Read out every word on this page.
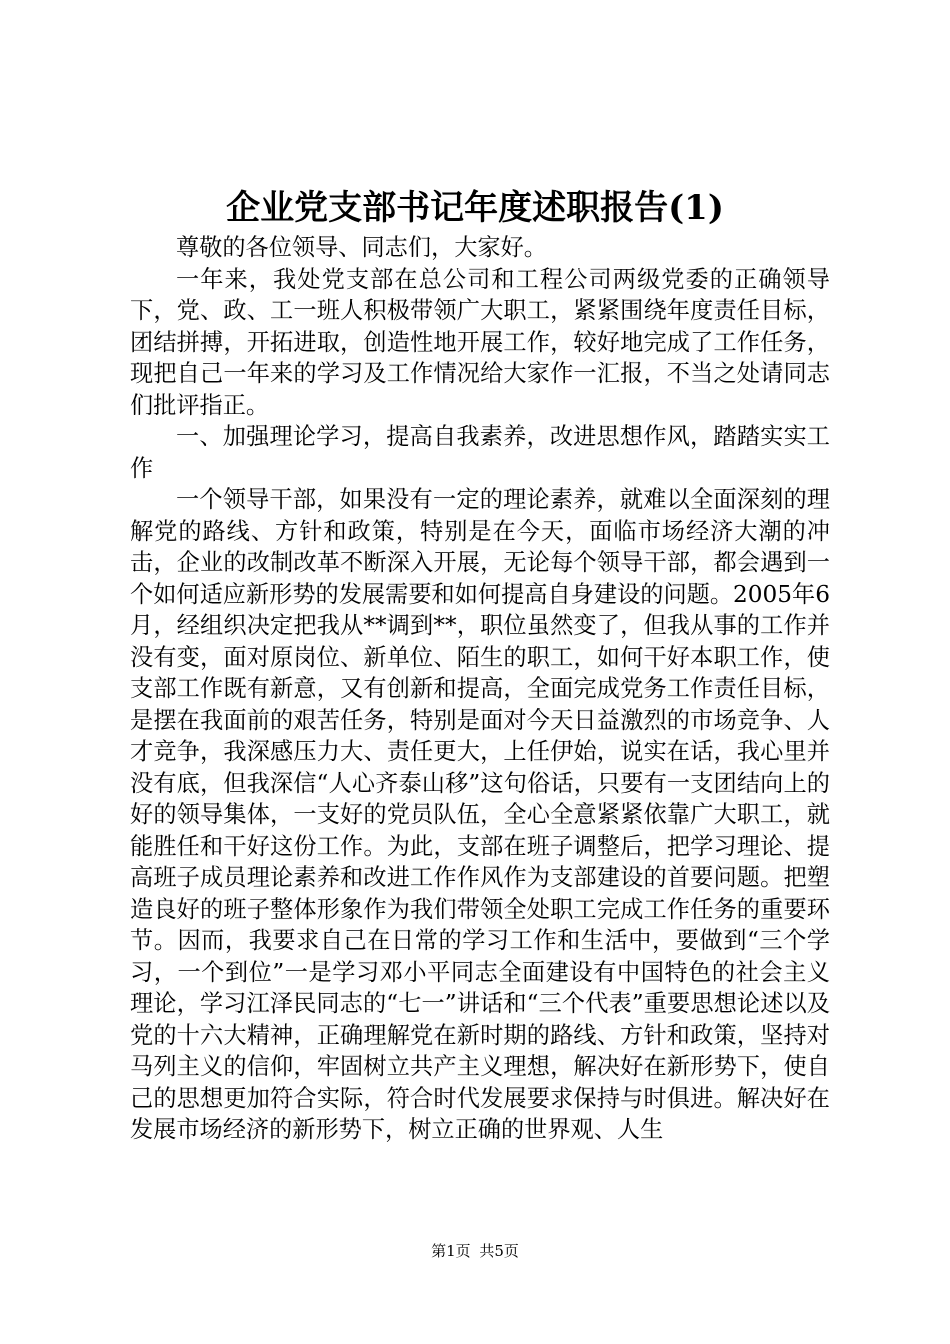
企业党支部书记年度述职报告(1)

尊敬的各位领导、同志们，大家好。

一年来，我处党支部在总公司和工程公司两级党委的正确领导下，党、政、工一班人积极带领广大职工，紧紧围绕年度责任目标，团结拼搏，开拓进取，创造性地开展工作，较好地完成了工作任务，现把自己一年来的学习及工作情况给大家作一汇报，不当之处请同志们批评指正。

一、加强理论学习，提高自我素养，改进思想作风，踏踏实实工作

一个领导干部，如果没有一定的理论素养，就难以全面深刻的理解党的路线、方针和政策，特别是在今天，面临市场经济大潮的冲击，企业的改制改革不断深入开展，无论每个领导干部，都会遇到一个如何适应新形势的发展需要和如何提高自身建设的问题。2005年6月，经组织决定把我从**调到**，职位虽然变了，但我从事的工作并没有变，面对原岗位、新单位、陌生的职工，如何干好本职工作，使支部工作既有新意，又有创新和提高，全面完成党务工作责任目标，是摆在我面前的艰苦任务，特别是面对今天日益激烈的市场竞争、人才竞争，我深感压力大、责任更大，上任伊始，说实在话，我心里并没有底，但我深信“人心齐泰山移”这句俗话，只要有一支团结向上的好的领导集体，一支好的党员队伍，全心全意紧紧依靠广大职工，就能胜任和干好这份工作。为此，支部在班子调整后，把学习理论、提高班子成员理论素养和改进工作作风作为支部建设的首要问题。把塑造良好的班子整体形象作为我们带领全处职工完成工作任务的重要环节。因而，我要求自己在日常的学习工作和生活中，要做到“三个学习，一个到位”一是学习邓小平同志全面建设有中国特色的社会主义理论，学习江泽民同志的“七一”讲话和“三个代表”重要思想论述以及党的十六大精神，正确理解党在新时期的路线、方针和政策，坚持对马列主义的信仰，牢固树立共产主义理想，解决好在新形势下，使自己的思想更加符合实际，符合时代发展要求保持与时俱进。解决好在发展市场经济的新形势下，树立正确的世界观、人生

第1页 共5页
